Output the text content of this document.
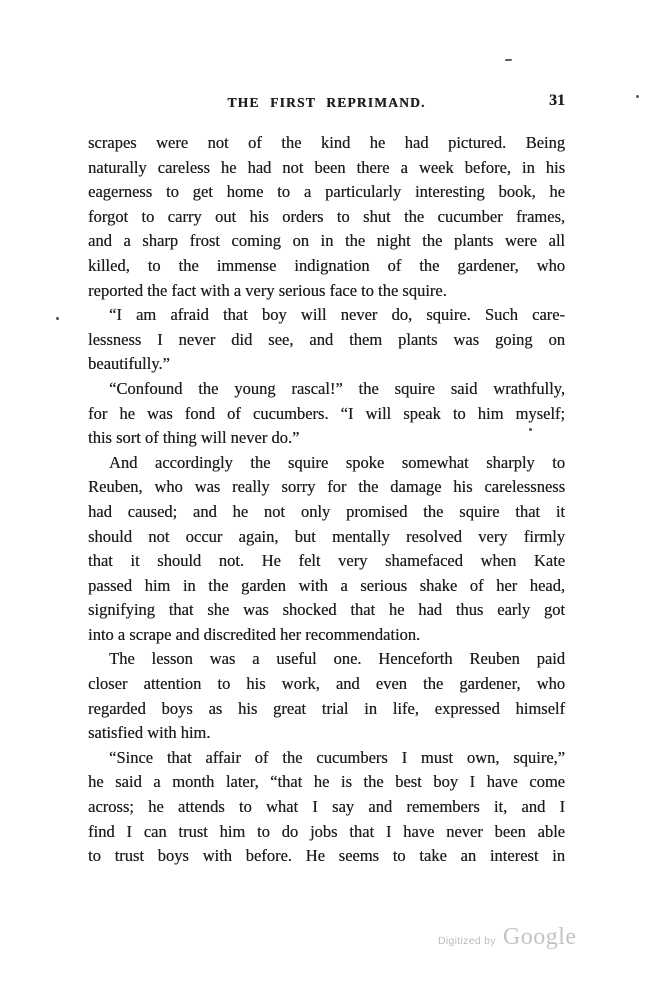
THE FIRST REPRIMAND.	31
scrapes were not of the kind he had pictured. Being
naturally careless he had not been there a week before, in his
eagerness to get home to a particularly interesting book, he
forgot to carry out his orders to shut the cucumber frames,
and a sharp frost coming on in the night the plants were all
killed, to the immense indignation of the gardener, who
reported the fact with a very serious face to the squire.
“I am afraid that boy will never do, squire. Such care-
lessness I never did see, and them plants was going on
beautifully.”
“Confound the young rascal!” the squire said wrathfully,
for he was fond of cucumbers. “I will speak to him myself;
this sort of thing will never do.”
And accordingly the squire spoke somewhat sharply to
Reuben, who was really sorry for the damage his carelessness
had caused; and he not only promised the squire that it
should not occur again, but mentally resolved very firmly
that it should not. He felt very shamefaced when Kate
passed him in the garden with a serious shake of her head,
signifying that she was shocked that he had thus early got
into a scrape and discredited her recommendation.
The lesson was a useful one. Henceforth Reuben paid
closer attention to his work, and even the gardener, who
regarded boys as his great trial in life, expressed himself
satisfied with him.
“Since that affair of the cucumbers I must own, squire,”
he said a month later, “that he is the best boy I have come
across; he attends to what I say and remembers it, and I
find I can trust him to do jobs that I have never been able
to trust boys with before. He seems to take an interest in
Digitized by Google
